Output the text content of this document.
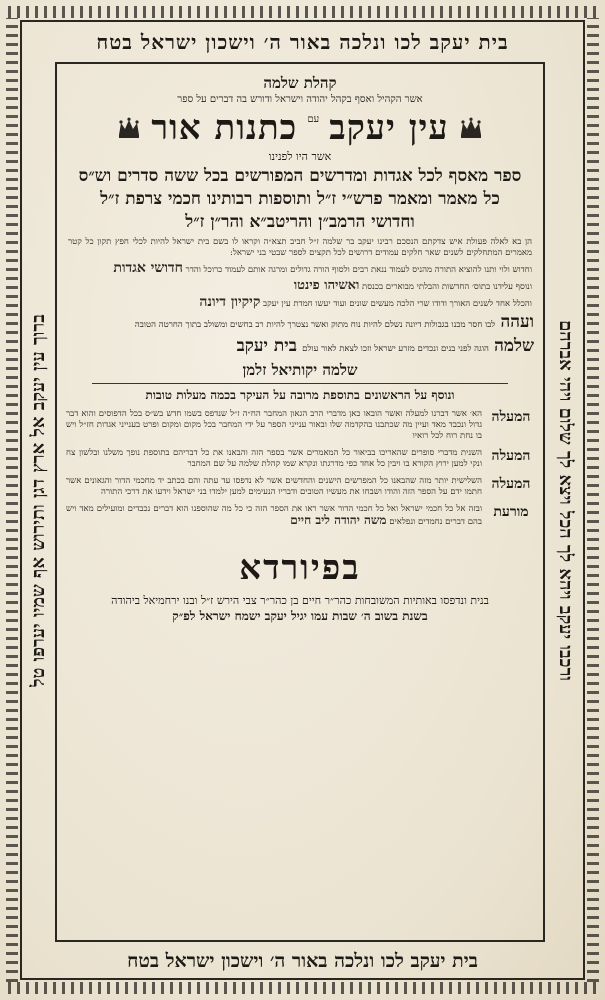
בית יעקב לכו ונלכה באור ה׳ וישכון ישראל בטח
ורכבו יעקב ויהא לך הכל ויצא לך שלום ויהי אברהם
ברוך עין יעקב אל ארץ דגן ותירוש אף שמיו יערפו טל
בית יעקב לכו ונלכה באור ה׳ וישכון ישראל בטח
קהלת שלמה
אשר הקהיל ואסף בקהל יהודה וישראל ודורש בה דברים על ספר
עין יעקב
עם
כתנות אור
אשר היו לפנינו
ספר מאסף לכל אגדות ומדרשים המפורשים בכל ששה סדרים וש״ס
כל מאמר ומאמר פרש״י ז״ל ותוספות רבותינו חכמי צרפת ז״ל
וחדושי הרמב״ן והריטב״א והר״ן ז״ל
הן בא לאלה פעולת איש צדקתם הנסכם רבינו יעקב בר שלמה ז״ל חביב תצא״ה וקראו לו בשם בית ישראל להיות לכלי חפץ תקון כל קטר מאמרים המתחלקים לשנים שאר חלקים עמודים דרושים לכל תקצים לספר שבטי בני ישראל:
וחדוש ולוי ותנו להוציא התורה מהניס לעמוד ננאת רבים ולסוף הורה גדולים ומרגה אותם לעמוד כרוכל והדר חדושי אגדות
ונוסף עלידנו בתוס׳ החדשות והבלתי מבוארים בכנסת ואשיהו פינטו
והכלל אחד לשנים האורך ודודו שרי הלכה מעשים שונים ועוד יעשו חמדת עין יעקב קיקיון דיונה
ועהה לבו חסר מכנו בגבולות דיונה נשלם להיות נוח מתוק ואשר נצטרך להיות רב בחשים ומשולב בתוך החרטה הטובה
שלמה הוגה לפני בנים ונכדים מזרע ישראל וזכו לצאת לאור עולם בית יעקב
שלמה יקותיאל זלמן
ונוסף על הראשונים בתוספת מרובה על העיקר בכמה מעלות טובות
המעלה
הא׳ אשר דברנו למעלה ואשר הובאו כאן מדברי הרב הגאון המחבר הח״ה ז״ל שנדפס בשמו חדש בש״ס בכל הדפוסים והוא דבר גדול ונכבד מאד ועיין מה שכתבנו בהקדמה שלו ובאור ענייני הספר על ידי המחבר בכל מקום ומקום ופרט בענייני אגדות חז״ל ויש בו נחת רוח לכל רואיו
המעלה
השנית מדברי סופרים שהאריכו בביאור כל המאמרים אשר בספר הזה והבאנו את כל דבריהם בתוספת נופך משלנו ובלשון צח ונקי למען ירוץ הקורא בו ויבין כל אחד כפי מדרגתו ונקרא שמו קהלת שלמה על שם המחבר
המעלה
השלישית יותר מזה שהבאנו כל המפרשים הישנים והחדשים אשר לא נדפסו עד עתה והם בכתב יד מחכמי הדור והגאונים אשר חתמו ידם על הספר הזה והודו ושבחו את מעשיו הטובים ודבריו הנעימים למען ילמדו בני ישראל וידעו את דרכי התורה
מורעת
ובזה אל כל חכמי ישראל ואל כל חכמי הדור אשר ראו את הספר הזה כי כל מה שהוספנו הוא דברים נכבדים ומועילים מאד ויש בהם דברים נחמדים ונפלאים משה יהודה ליב חיים
בפיורדא
בנית ונדפסו באותיות המשובחות כהר״ר חיים בן כהר״ר צבי הירש ז״ל ובנו ירחמיאל ביהודה
בשנת בשוב ה׳ שבות עמו יגיל יעקב ישמח ישראל לפ״ק
